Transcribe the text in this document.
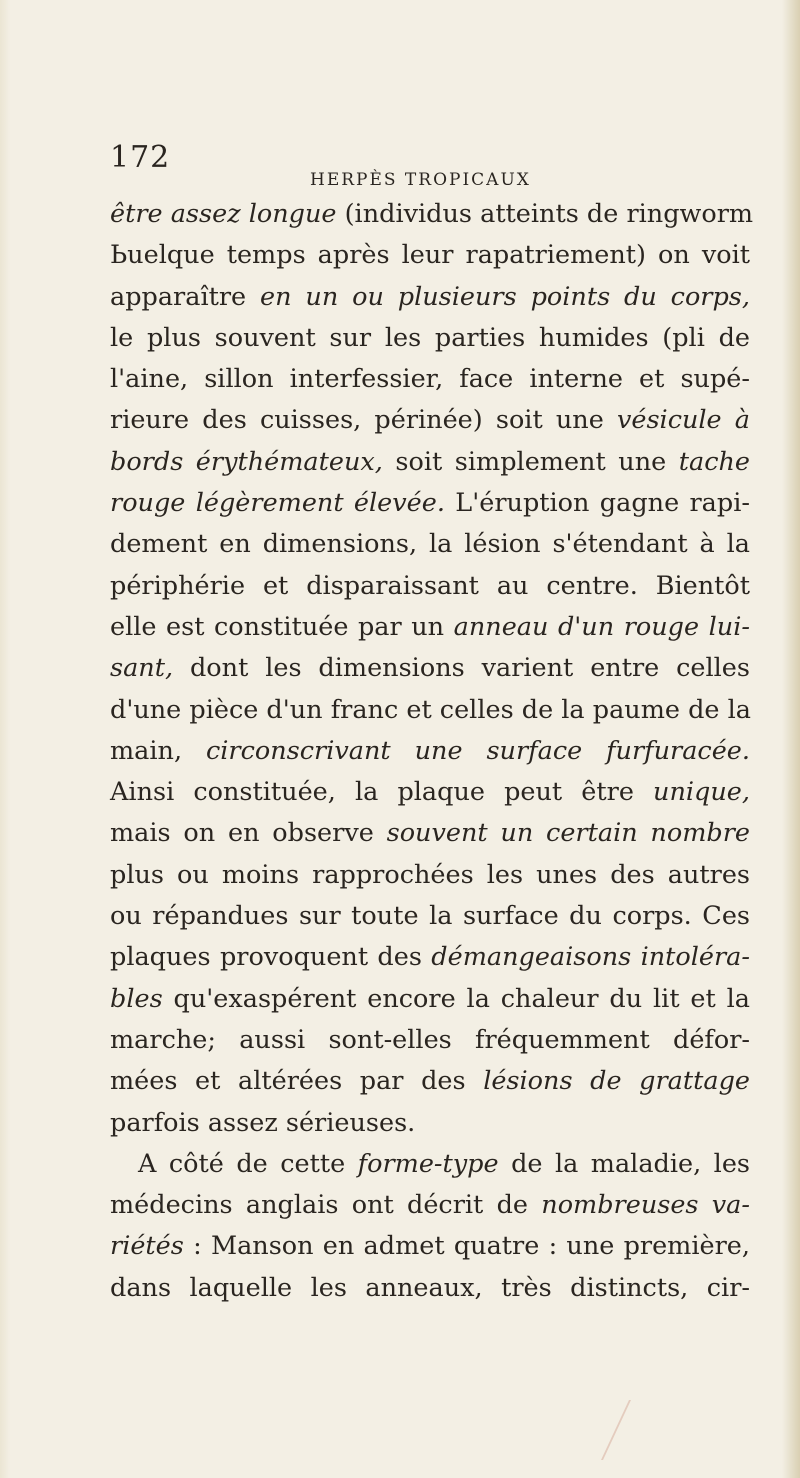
172
HERPÈS TROPICAUX
être assez longue (individus atteints de ringworm
Ьuelque temps après leur rapatriement) on voit
apparaître en un ou plusieurs points du corps,
le plus souvent sur les parties humides (pli de
l'aine, sillon interfessier, face interne et supé-
rieure des cuisses, périnée) soit une vésicule à
bords érythémateux, soit simplement une tache
rouge légèrement élevée. L'éruption gagne rapi-
dement en dimensions, la lésion s'étendant à la
périphérie et disparaissant au centre. Bientôt
elle est constituée par un anneau d'un rouge lui-
sant, dont les dimensions varient entre celles
d'une pièce d'un franc et celles de la paume de la
main, circonscrivant une surface furfuracée.
Ainsi constituée, la plaque peut être unique,
mais on en observe souvent un certain nombre
plus ou moins rapprochées les unes des autres
ou répandues sur toute la surface du corps. Ces
plaques provoquent des démangeaisons intoléra-
bles qu'exaspérent encore la chaleur du lit et la
marche; aussi sont-elles fréquemment défor-
mées et altérées par des lésions de grattage
parfois assez sérieuses.
A côté de cette forme-type de la maladie, les
médecins anglais ont décrit de nombreuses va-
riétés : Manson en admet quatre : une première,
dans laquelle les anneaux, très distincts, cir-
